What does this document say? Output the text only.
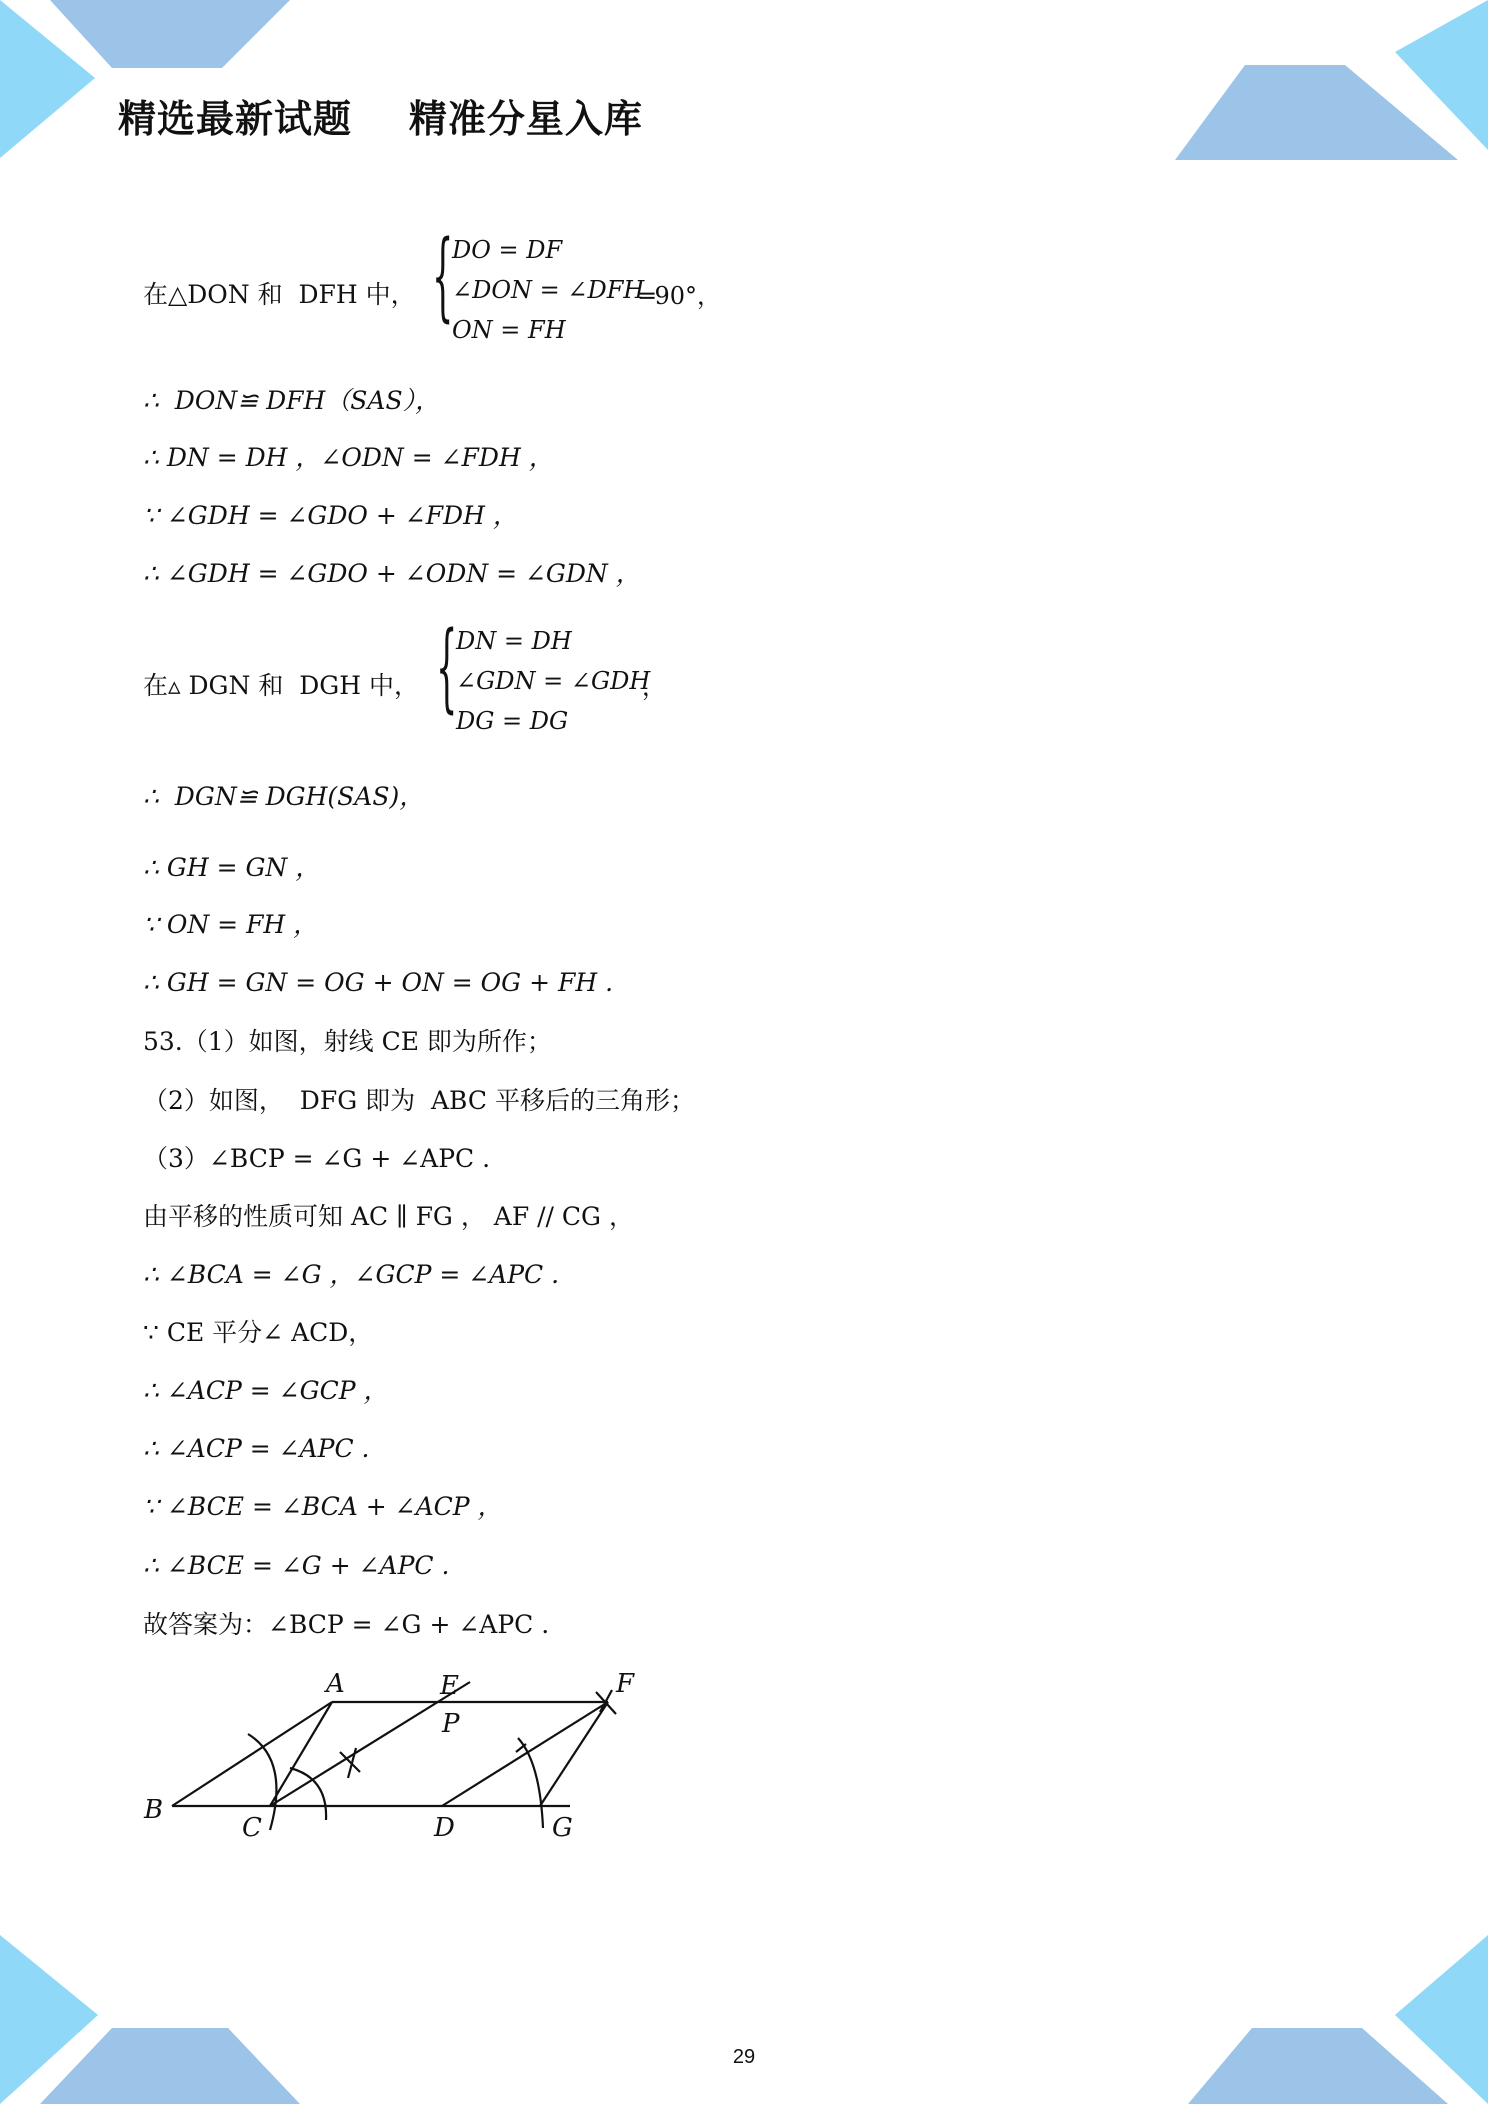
精选最新试题    精准分星入库
在△DON 和  DFH 中， {
DO = DF
∠DON = ∠DFH
═90°，
ON = FH
∴  DON≌ DFH（SAS），
∴ DN = DH ，∠ODN = ∠FDH ，
∵ ∠GDH = ∠GDO + ∠FDH ，
∴ ∠GDH = ∠GDO + ∠ODN = ∠GDN ，
在▵ DGN 和  DGH 中， {
DN = DH
∠GDN = ∠GDH
，
DG = DG
∴  DGN≌ DGH(SAS)，
∴ GH = GN ，
∵ ON = FH ，
∴ GH = GN = OG + ON = OG + FH .
53.（1）如图，射线 CE 即为所作；
（2）如图，  DFG 即为  ABC 平移后的三角形；
（3）∠BCP = ∠G + ∠APC .
由平移的性质可知 AC ∥ FG ， AF // CG ，
∴ ∠BCA = ∠G ，∠GCP = ∠APC .
∵ CE 平分∠ ACD，
∴ ∠ACP = ∠GCP ，
∴ ∠ACP = ∠APC .
∵ ∠BCE = ∠BCA + ∠ACP ，
∴ ∠BCE = ∠G + ∠APC .
故答案为：∠BCP = ∠G + ∠APC .
A	E	F
P
B
C	D	G
29
